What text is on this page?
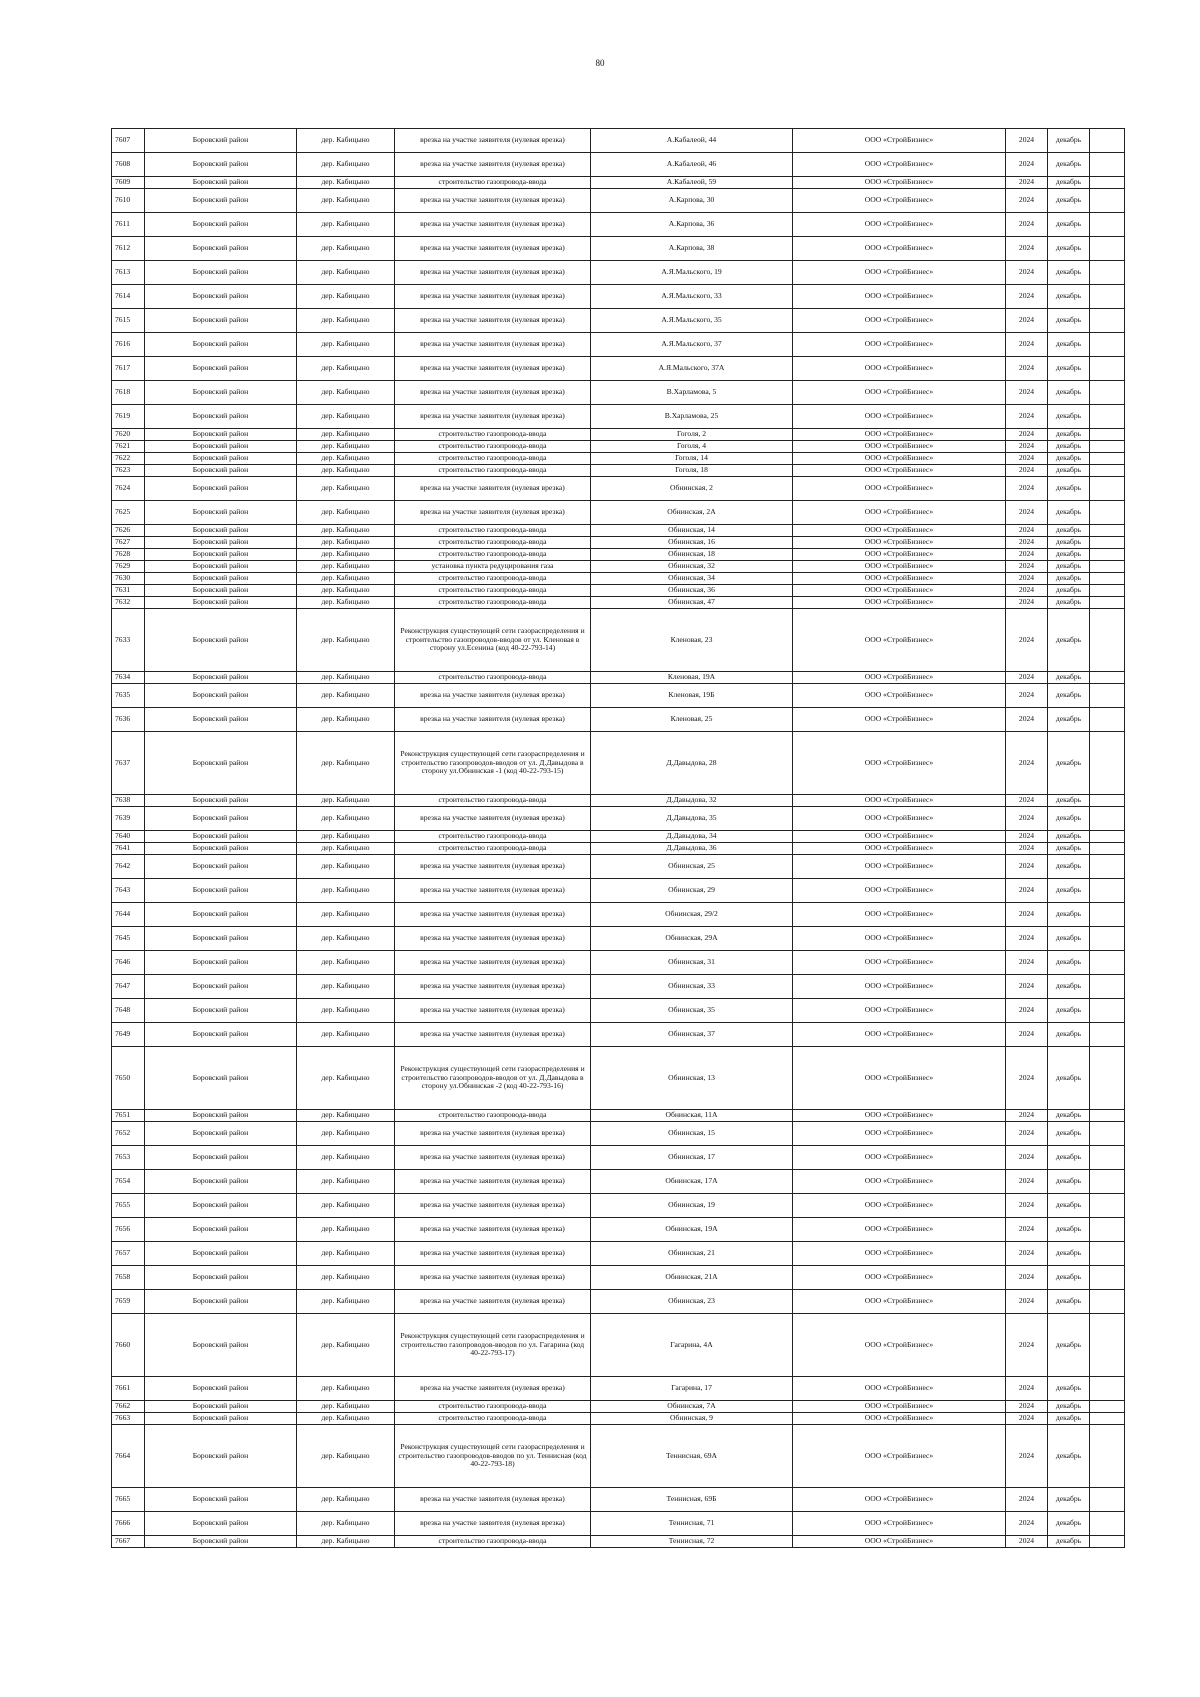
80
7607	Боровский район	дер. Кабицыно	врезка на участке заявителя (нулевая врезка)	А.Кабалеой, 44	ООО «СтройБизнес»	2024	декабрь	
7608	Боровский район	дер. Кабицыно	врезка на участке заявителя (нулевая врезка)	А.Кабалеой, 46	ООО «СтройБизнес»	2024	декабрь	
7609	Боровский район	дер. Кабицыно	строительство газопровода-ввода	А.Кабалеой, 59	ООО «СтройБизнес»	2024	декабрь	
7610	Боровский район	дер. Кабицыно	врезка на участке заявителя (нулевая врезка)	А.Карпова, 30	ООО «СтройБизнес»	2024	декабрь	
7611	Боровский район	дер. Кабицыно	врезка на участке заявителя (нулевая врезка)	А.Карпова, 36	ООО «СтройБизнес»	2024	декабрь	
7612	Боровский район	дер. Кабицыно	врезка на участке заявителя (нулевая врезка)	А.Карпова, 38	ООО «СтройБизнес»	2024	декабрь	
7613	Боровский район	дер. Кабицыно	врезка на участке заявителя (нулевая врезка)	А.Я.Мальского, 19	ООО «СтройБизнес»	2024	декабрь	
7614	Боровский район	дер. Кабицыно	врезка на участке заявителя (нулевая врезка)	А.Я.Мальского, 33	ООО «СтройБизнес»	2024	декабрь	
7615	Боровский район	дер. Кабицыно	врезка на участке заявителя (нулевая врезка)	А.Я.Мальского, 35	ООО «СтройБизнес»	2024	декабрь	
7616	Боровский район	дер. Кабицыно	врезка на участке заявителя (нулевая врезка)	А.Я.Мальского, 37	ООО «СтройБизнес»	2024	декабрь	
7617	Боровский район	дер. Кабицыно	врезка на участке заявителя (нулевая врезка)	А.Я.Мальского, 37А	ООО «СтройБизнес»	2024	декабрь	
7618	Боровский район	дер. Кабицыно	врезка на участке заявителя (нулевая врезка)	В.Харламова, 5	ООО «СтройБизнес»	2024	декабрь	
7619	Боровский район	дер. Кабицыно	врезка на участке заявителя (нулевая врезка)	В.Харламова, 25	ООО «СтройБизнес»	2024	декабрь	
7620	Боровский район	дер. Кабицыно	строительство газопровода-ввода	Гоголя, 2	ООО «СтройБизнес»	2024	декабрь	
7621	Боровский район	дер. Кабицыно	строительство газопровода-ввода	Гоголя, 4	ООО «СтройБизнес»	2024	декабрь	
7622	Боровский район	дер. Кабицыно	строительство газопровода-ввода	Гоголя, 14	ООО «СтройБизнес»	2024	декабрь	
7623	Боровский район	дер. Кабицыно	строительство газопровода-ввода	Гоголя, 18	ООО «СтройБизнес»	2024	декабрь	
7624	Боровский район	дер. Кабицыно	врезка на участке заявителя (нулевая врезка)	Обнинская, 2	ООО «СтройБизнес»	2024	декабрь	
7625	Боровский район	дер. Кабицыно	врезка на участке заявителя (нулевая врезка)	Обнинская, 2А	ООО «СтройБизнес»	2024	декабрь	
7626	Боровский район	дер. Кабицыно	строительство газопровода-ввода	Обнинская, 14	ООО «СтройБизнес»	2024	декабрь	
7627	Боровский район	дер. Кабицыно	строительство газопровода-ввода	Обнинская, 16	ООО «СтройБизнес»	2024	декабрь	
7628	Боровский район	дер. Кабицыно	строительство газопровода-ввода	Обнинская, 18	ООО «СтройБизнес»	2024	декабрь	
7629	Боровский район	дер. Кабицыно	установка пункта редуцирования газа	Обнинская, 32	ООО «СтройБизнес»	2024	декабрь	
7630	Боровский район	дер. Кабицыно	строительство газопровода-ввода	Обнинская, 34	ООО «СтройБизнес»	2024	декабрь	
7631	Боровский район	дер. Кабицыно	строительство газопровода-ввода	Обнинская, 36	ООО «СтройБизнес»	2024	декабрь	
7632	Боровский район	дер. Кабицыно	строительство газопровода-ввода	Обнинская, 47	ООО «СтройБизнес»	2024	декабрь	
7633	Боровский район	дер. Кабицыно	Реконструкция существующей сети газораспределения и строительство газопроводов-вводов от ул. Кленовая в сторону ул.Есенина (код 40-22-793-14)	Кленовая, 23	ООО «СтройБизнес»	2024	декабрь	
7634	Боровский район	дер. Кабицыно	строительство газопровода-ввода	Кленовая, 19А	ООО «СтройБизнес»	2024	декабрь	
7635	Боровский район	дер. Кабицыно	врезка на участке заявителя (нулевая врезка)	Кленовая, 19Б	ООО «СтройБизнес»	2024	декабрь	
7636	Боровский район	дер. Кабицыно	врезка на участке заявителя (нулевая врезка)	Кленовая, 25	ООО «СтройБизнес»	2024	декабрь	
7637	Боровский район	дер. Кабицыно	Реконструкция существующей сети газораспределения и строительство газопроводов-вводов от ул. Д.Давыдова в сторону ул.Обнинская -1 (код 40-22-793-15)	Д.Давыдова, 28	ООО «СтройБизнес»	2024	декабрь	
7638	Боровский район	дер. Кабицыно	строительство газопровода-ввода	Д.Давыдова, 32	ООО «СтройБизнес»	2024	декабрь	
7639	Боровский район	дер. Кабицыно	врезка на участке заявителя (нулевая врезка)	Д.Давыдова, 35	ООО «СтройБизнес»	2024	декабрь	
7640	Боровский район	дер. Кабицыно	строительство газопровода-ввода	Д.Давыдова, 34	ООО «СтройБизнес»	2024	декабрь	
7641	Боровский район	дер. Кабицыно	строительство газопровода-ввода	Д.Давыдова, 36	ООО «СтройБизнес»	2024	декабрь	
7642	Боровский район	дер. Кабицыно	врезка на участке заявителя (нулевая врезка)	Обнинская, 25	ООО «СтройБизнес»	2024	декабрь	
7643	Боровский район	дер. Кабицыно	врезка на участке заявителя (нулевая врезка)	Обнинская, 29	ООО «СтройБизнес»	2024	декабрь	
7644	Боровский район	дер. Кабицыно	врезка на участке заявителя (нулевая врезка)	Обнинская, 29/2	ООО «СтройБизнес»	2024	декабрь	
7645	Боровский район	дер. Кабицыно	врезка на участке заявителя (нулевая врезка)	Обнинская, 29А	ООО «СтройБизнес»	2024	декабрь	
7646	Боровский район	дер. Кабицыно	врезка на участке заявителя (нулевая врезка)	Обнинская, 31	ООО «СтройБизнес»	2024	декабрь	
7647	Боровский район	дер. Кабицыно	врезка на участке заявителя (нулевая врезка)	Обнинская, 33	ООО «СтройБизнес»	2024	декабрь	
7648	Боровский район	дер. Кабицыно	врезка на участке заявителя (нулевая врезка)	Обнинская, 35	ООО «СтройБизнес»	2024	декабрь	
7649	Боровский район	дер. Кабицыно	врезка на участке заявителя (нулевая врезка)	Обнинская, 37	ООО «СтройБизнес»	2024	декабрь	
7650	Боровский район	дер. Кабицыно	Реконструкция существующей сети газораспределения и строительство газопроводов-вводов от ул. Д.Давыдова в сторону ул.Обнинская -2 (код 40-22-793-16)	Обнинская, 13	ООО «СтройБизнес»	2024	декабрь	
7651	Боровский район	дер. Кабицыно	строительство газопровода-ввода	Обнинская, 11А	ООО «СтройБизнес»	2024	декабрь	
7652	Боровский район	дер. Кабицыно	врезка на участке заявителя (нулевая врезка)	Обнинская, 15	ООО «СтройБизнес»	2024	декабрь	
7653	Боровский район	дер. Кабицыно	врезка на участке заявителя (нулевая врезка)	Обнинская, 17	ООО «СтройБизнес»	2024	декабрь	
7654	Боровский район	дер. Кабицыно	врезка на участке заявителя (нулевая врезка)	Обнинская, 17А	ООО «СтройБизнес»	2024	декабрь	
7655	Боровский район	дер. Кабицыно	врезка на участке заявителя (нулевая врезка)	Обнинская, 19	ООО «СтройБизнес»	2024	декабрь	
7656	Боровский район	дер. Кабицыно	врезка на участке заявителя (нулевая врезка)	Обнинская, 19А	ООО «СтройБизнес»	2024	декабрь	
7657	Боровский район	дер. Кабицыно	врезка на участке заявителя (нулевая врезка)	Обнинская, 21	ООО «СтройБизнес»	2024	декабрь	
7658	Боровский район	дер. Кабицыно	врезка на участке заявителя (нулевая врезка)	Обнинская, 21А	ООО «СтройБизнес»	2024	декабрь	
7659	Боровский район	дер. Кабицыно	врезка на участке заявителя (нулевая врезка)	Обнинская, 23	ООО «СтройБизнес»	2024	декабрь	
7660	Боровский район	дер. Кабицыно	Реконструкция существующей сети газораспределения и строительство газопроводов-вводов по ул. Гагарина (код 40-22-793-17)	Гагарина, 4А	ООО «СтройБизнес»	2024	декабрь	
7661	Боровский район	дер. Кабицыно	врезка на участке заявителя (нулевая врезка)	Гагарина, 17	ООО «СтройБизнес»	2024	декабрь	
7662	Боровский район	дер. Кабицыно	строительство газопровода-ввода	Обнинская, 7А	ООО «СтройБизнес»	2024	декабрь	
7663	Боровский район	дер. Кабицыно	строительство газопровода-ввода	Обнинская, 9	ООО «СтройБизнес»	2024	декабрь	
7664	Боровский район	дер. Кабицыно	Реконструкция существующей сети газораспределения и строительство газопроводов-вводов по ул. Теннисная (код 40-22-793-18)	Теннисная, 69А	ООО «СтройБизнес»	2024	декабрь	
7665	Боровский район	дер. Кабицыно	врезка на участке заявителя (нулевая врезка)	Теннисная, 69Б	ООО «СтройБизнес»	2024	декабрь	
7666	Боровский район	дер. Кабицыно	врезка на участке заявителя (нулевая врезка)	Теннисная, 71	ООО «СтройБизнес»	2024	декабрь	
7667	Боровский район	дер. Кабицыно	строительство газопровода-ввода	Теннисная, 72	ООО «СтройБизнес»	2024	декабрь	
